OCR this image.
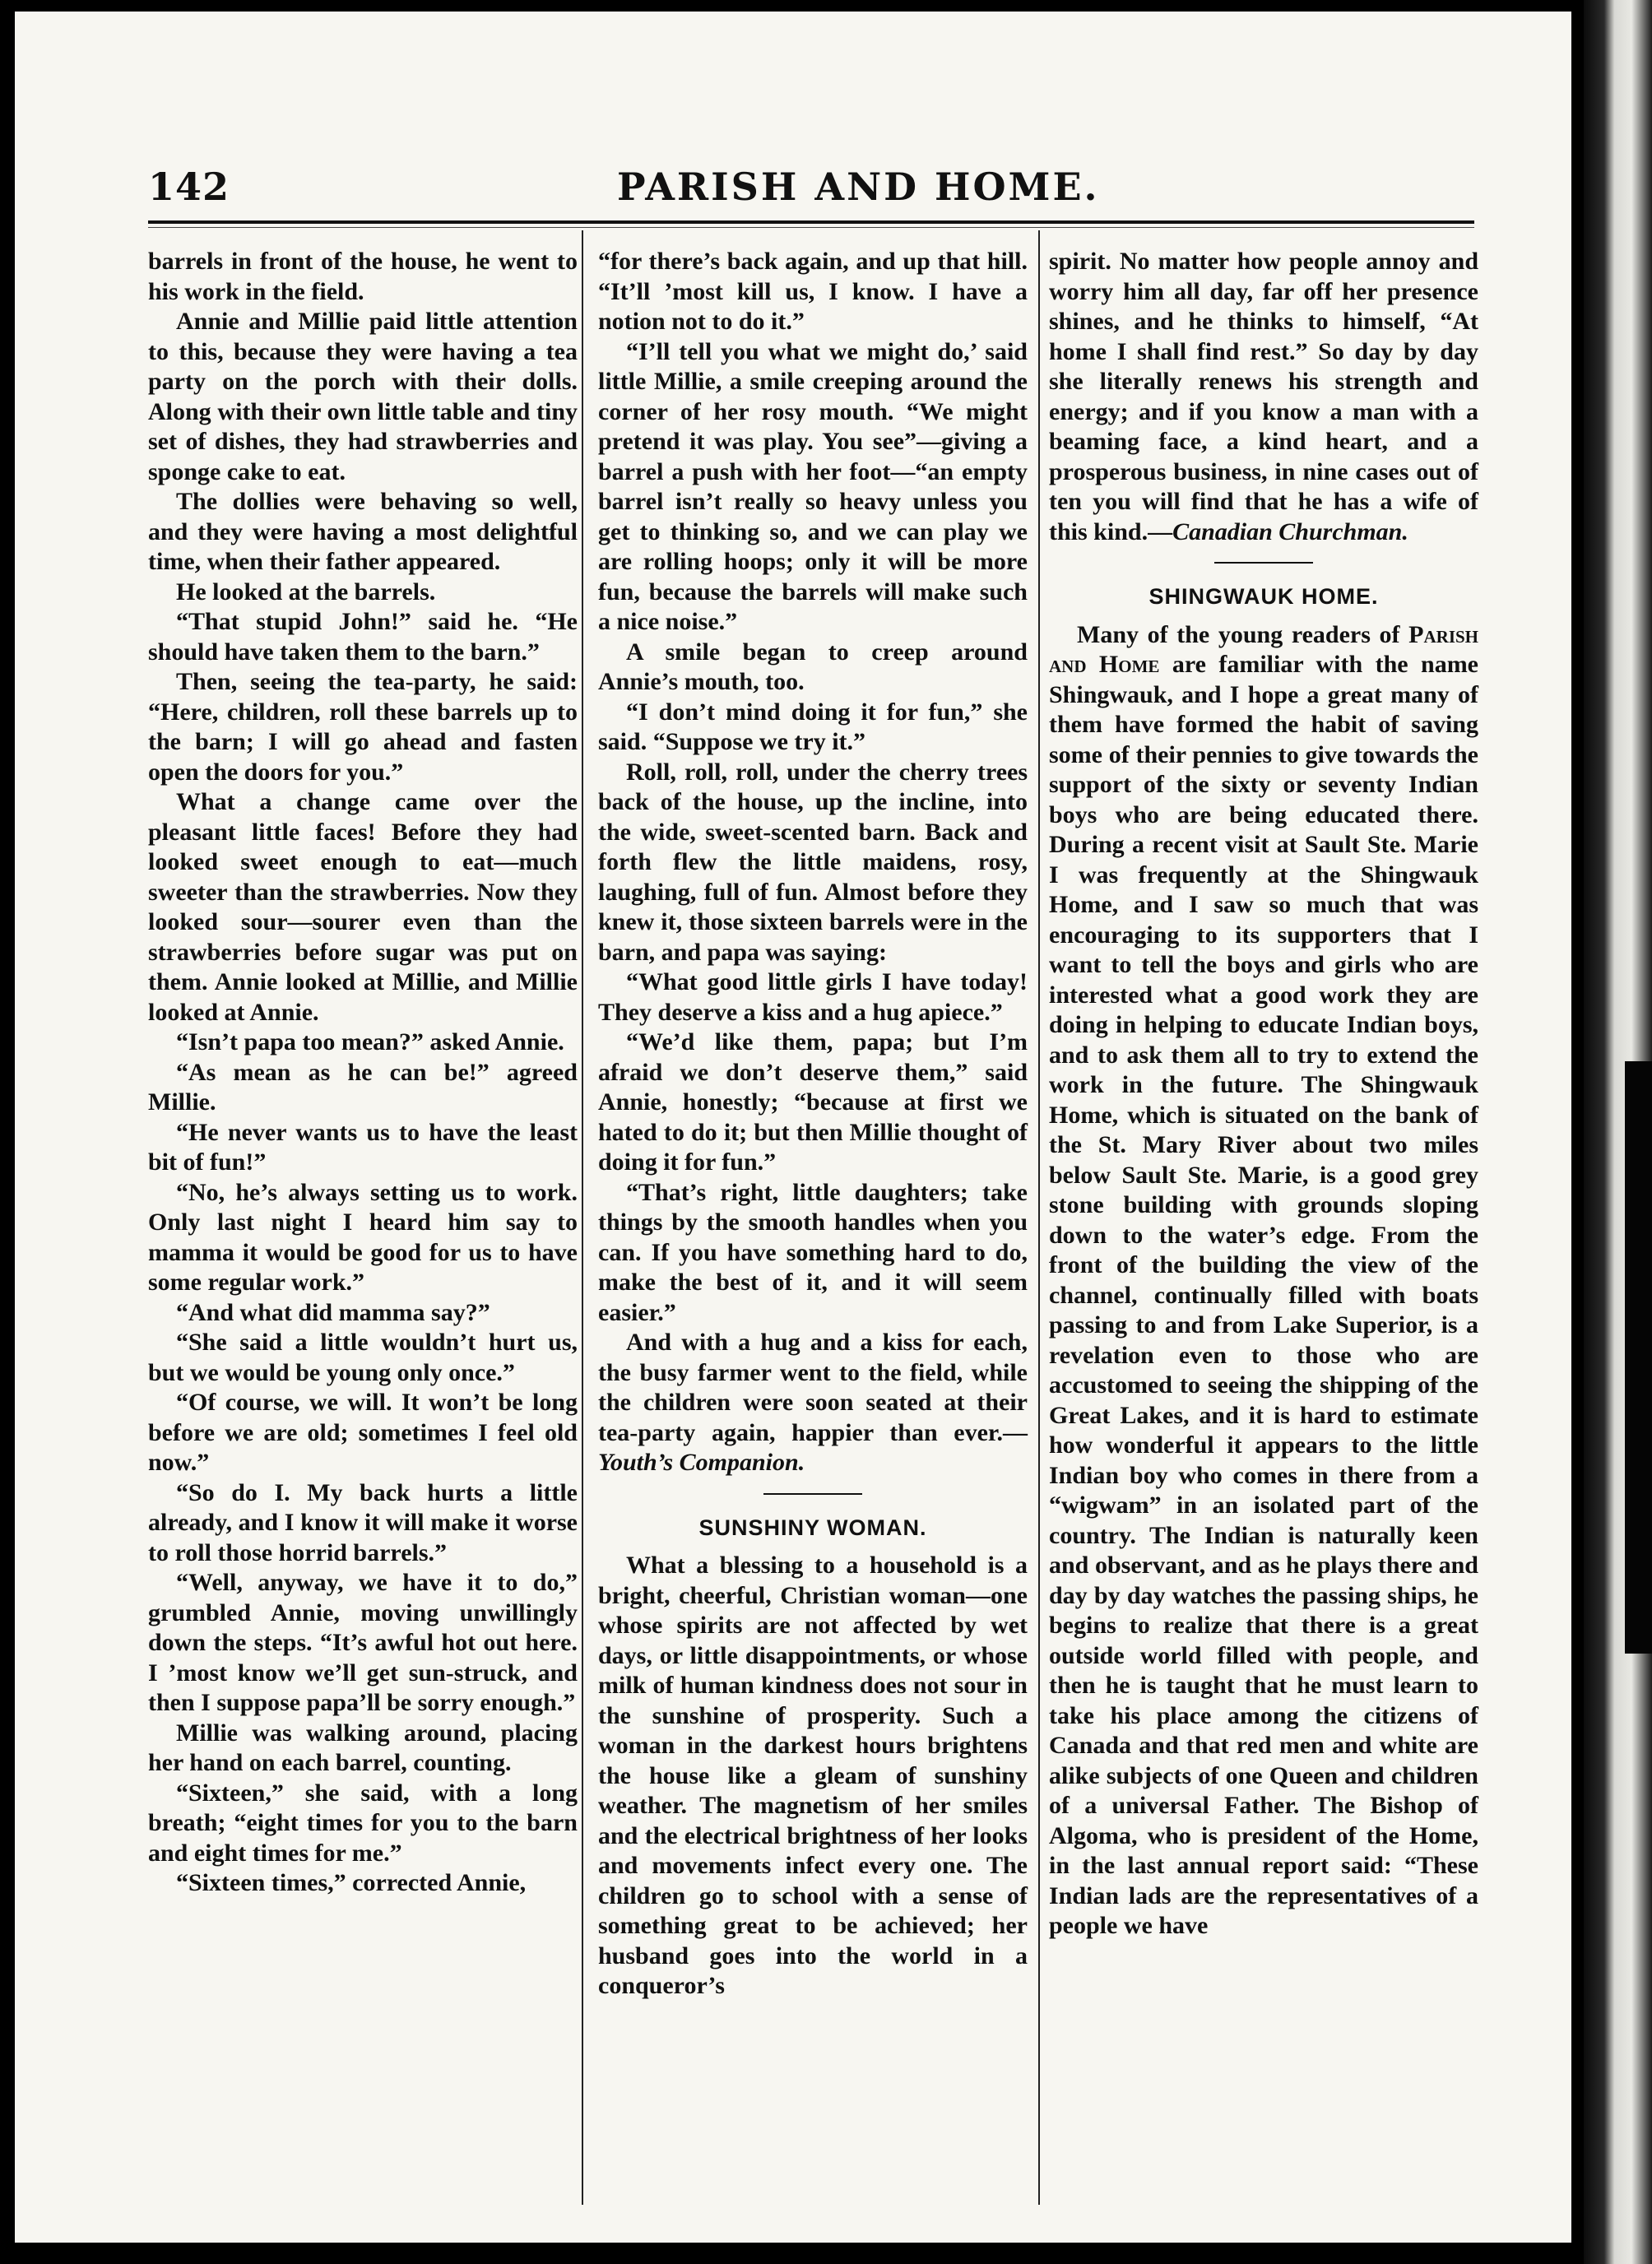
142	PARISH AND HOME.

barrels in front of the house, he went to his work in the field.

Annie and Millie paid little attention to this, because they were having a tea party on the porch with their dolls. Along with their own little table and tiny set of dishes, they had strawberries and sponge cake to eat.

The dollies were behaving so well, and they were having a most delightful time, when their father appeared.

He looked at the barrels.

“That stupid John!” said he. “He should have taken them to the barn.”

Then, seeing the tea-party, he said: “Here, children, roll these barrels up to the barn; I will go ahead and fasten open the doors for you.”

What a change came over the pleasant little faces! Before they had looked sweet enough to eat—much sweeter than the strawberries. Now they looked sour—sourer even than the strawberries before sugar was put on them. Annie looked at Millie, and Millie looked at Annie.

“Isn’t papa too mean?” asked Annie.

“As mean as he can be!” agreed Millie.

“He never wants us to have the least bit of fun!”

“No, he’s always setting us to work. Only last night I heard him say to mamma it would be good for us to have some regular work.”

“And what did mamma say?”

“She said a little wouldn’t hurt us, but we would be young only once.”

“Of course, we will. It won’t be long before we are old; sometimes I feel old now.”

“So do I. My back hurts a little already, and I know it will make it worse to roll those horrid barrels.”

“Well, anyway, we have it to do,” grumbled Annie, moving unwillingly down the steps. “It’s awful hot out here. I ’most know we’ll get sun-struck, and then I suppose papa’ll be sorry enough.”

Millie was walking around, placing her hand on each barrel, counting.

“Sixteen,” she said, with a long breath; “eight times for you to the barn and eight times for me.”

“Sixteen times,” corrected Annie,

“for there’s back again, and up that hill. “It’ll ’most kill us, I know. I have a notion not to do it.”

“I’ll tell you what we might do,’ said little Millie, a smile creeping around the corner of her rosy mouth. “We might pretend it was play. You see”—giving a barrel a push with her foot—“an empty barrel isn’t really so heavy unless you get to thinking so, and we can play we are rolling hoops; only it will be more fun, because the barrels will make such a nice noise.”

A smile began to creep around Annie’s mouth, too.

“I don’t mind doing it for fun,” she said. “Suppose we try it.”

Roll, roll, roll, under the cherry trees back of the house, up the incline, into the wide, sweet-scented barn. Back and forth flew the little maidens, rosy, laughing, full of fun. Almost before they knew it, those sixteen barrels were in the barn, and papa was saying:

“What good little girls I have today! They deserve a kiss and a hug apiece.”

“We’d like them, papa; but I’m afraid we don’t deserve them,” said Annie, honestly; “because at first we hated to do it; but then Millie thought of doing it for fun.”

“That’s right, little daughters; take things by the smooth handles when you can. If you have something hard to do, make the best of it, and it will seem easier.”

And with a hug and a kiss for each, the busy farmer went to the field, while the children were soon seated at their tea-party again, happier than ever.—Youth’s Companion.

SUNSHINY WOMAN.

What a blessing to a household is a bright, cheerful, Christian woman—one whose spirits are not affected by wet days, or little disappointments, or whose milk of human kindness does not sour in the sunshine of prosperity. Such a woman in the darkest hours brightens the house like a gleam of sunshiny weather. The magnetism of her smiles and the electrical brightness of her looks and movements infect every one. The children go to school with a sense of something great to be achieved; her husband goes into the world in a conqueror’s

spirit. No matter how people annoy and worry him all day, far off her presence shines, and he thinks to himself, “At home I shall find rest.” So day by day she literally renews his strength and energy; and if you know a man with a beaming face, a kind heart, and a prosperous business, in nine cases out of ten you will find that he has a wife of this kind.—Canadian Churchman.

SHINGWAUK HOME.

Many of the young readers of Parish and Home are familiar with the name Shingwauk, and I hope a great many of them have formed the habit of saving some of their pennies to give towards the support of the sixty or seventy Indian boys who are being educated there. During a recent visit at Sault Ste. Marie I was frequently at the Shingwauk Home, and I saw so much that was encouraging to its supporters that I want to tell the boys and girls who are interested what a good work they are doing in helping to educate Indian boys, and to ask them all to try to extend the work in the future. The Shingwauk Home, which is situated on the bank of the St. Mary River about two miles below Sault Ste. Marie, is a good grey stone building with grounds sloping down to the water’s edge. From the front of the building the view of the channel, continually filled with boats passing to and from Lake Superior, is a revelation even to those who are accustomed to seeing the shipping of the Great Lakes, and it is hard to estimate how wonderful it appears to the little Indian boy who comes in there from a “wigwam” in an isolated part of the country. The Indian is naturally keen and observant, and as he plays there and day by day watches the passing ships, he begins to realize that there is a great outside world filled with people, and then he is taught that he must learn to take his place among the citizens of Canada and that red men and white are alike subjects of one Queen and children of a universal Father. The Bishop of Algoma, who is president of the Home, in the last annual report said: “These Indian lads are the representatives of a people we have
